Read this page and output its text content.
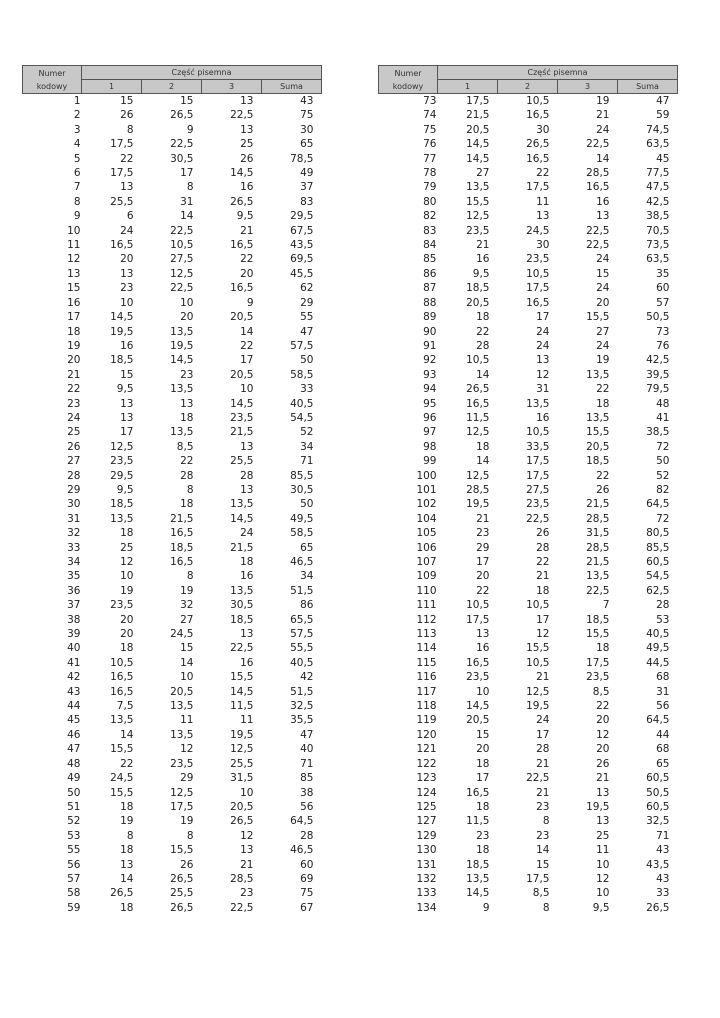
Numer
kodowy	Część pisemna			
	1	2	3	Suma
1	15	15	13	43
2	26	26,5	22,5	75
3	8	9	13	30
4	17,5	22,5	25	65
5	22	30,5	26	78,5
6	17,5	17	14,5	49
7	13	8	16	37
8	25,5	31	26,5	83
9	6	14	9,5	29,5
10	24	22,5	21	67,5
11	16,5	10,5	16,5	43,5
12	20	27,5	22	69,5
13	13	12,5	20	45,5
15	23	22,5	16,5	62
16	10	10	9	29
17	14,5	20	20,5	55
18	19,5	13,5	14	47
19	16	19,5	22	57,5
20	18,5	14,5	17	50
21	15	23	20,5	58,5
22	9,5	13,5	10	33
23	13	13	14,5	40,5
24	13	18	23,5	54,5
25	17	13,5	21,5	52
26	12,5	8,5	13	34
27	23,5	22	25,5	71
28	29,5	28	28	85,5
29	9,5	8	13	30,5
30	18,5	18	13,5	50
31	13,5	21,5	14,5	49,5
32	18	16,5	24	58,5
33	25	18,5	21,5	65
34	12	16,5	18	46,5
35	10	8	16	34
36	19	19	13,5	51,5
37	23,5	32	30,5	86
38	20	27	18,5	65,5
39	20	24,5	13	57,5
40	18	15	22,5	55,5
41	10,5	14	16	40,5
42	16,5	10	15,5	42
43	16,5	20,5	14,5	51,5
44	7,5	13,5	11,5	32,5
45	13,5	11	11	35,5
46	14	13,5	19,5	47
47	15,5	12	12,5	40
48	22	23,5	25,5	71
49	24,5	29	31,5	85
50	15,5	12,5	10	38
51	18	17,5	20,5	56
52	19	19	26,5	64,5
53	8	8	12	28
55	18	15,5	13	46,5
56	13	26	21	60
57	14	26,5	28,5	69
58	26,5	25,5	23	75
59	18	26,5	22,5	67
Numer
kodowy	Część pisemna			
	1	2	3	Suma
73	17,5	10,5	19	47
74	21,5	16,5	21	59
75	20,5	30	24	74,5
76	14,5	26,5	22,5	63,5
77	14,5	16,5	14	45
78	27	22	28,5	77,5
79	13,5	17,5	16,5	47,5
80	15,5	11	16	42,5
82	12,5	13	13	38,5
83	23,5	24,5	22,5	70,5
84	21	30	22,5	73,5
85	16	23,5	24	63,5
86	9,5	10,5	15	35
87	18,5	17,5	24	60
88	20,5	16,5	20	57
89	18	17	15,5	50,5
90	22	24	27	73
91	28	24	24	76
92	10,5	13	19	42,5
93	14	12	13,5	39,5
94	26,5	31	22	79,5
95	16,5	13,5	18	48
96	11,5	16	13,5	41
97	12,5	10,5	15,5	38,5
98	18	33,5	20,5	72
99	14	17,5	18,5	50
100	12,5	17,5	22	52
101	28,5	27,5	26	82
102	19,5	23,5	21,5	64,5
104	21	22,5	28,5	72
105	23	26	31,5	80,5
106	29	28	28,5	85,5
107	17	22	21,5	60,5
109	20	21	13,5	54,5
110	22	18	22,5	62,5
111	10,5	10,5	7	28
112	17,5	17	18,5	53
113	13	12	15,5	40,5
114	16	15,5	18	49,5
115	16,5	10,5	17,5	44,5
116	23,5	21	23,5	68
117	10	12,5	8,5	31
118	14,5	19,5	22	56
119	20,5	24	20	64,5
120	15	17	12	44
121	20	28	20	68
122	18	21	26	65
123	17	22,5	21	60,5
124	16,5	21	13	50,5
125	18	23	19,5	60,5
127	11,5	8	13	32,5
129	23	23	25	71
130	18	14	11	43
131	18,5	15	10	43,5
132	13,5	17,5	12	43
133	14,5	8,5	10	33
134	9	8	9,5	26,5
